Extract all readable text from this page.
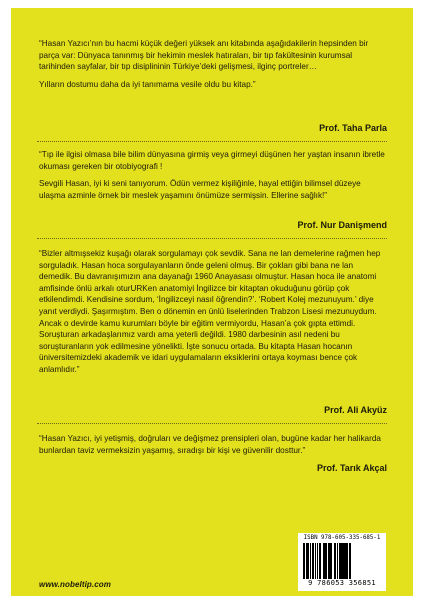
“Hasan Yazıcı’nın bu hacmi küçük değeri yüksek anı kitabında aşağıdakilerin hepsinden bir parça var: Dünyaca tanınmış bir hekimin meslek hatıraları, bir tıp fakültesinin kurumsal tarihinden sayfalar, bir tıp disiplininin Türkiye’deki gelişmesi, ilginç portreler…

Yılların dostumu daha da iyi tanımama vesile oldu bu kitap.”

Prof. Taha Parla

“Tıp ile ilgisi olmasa bile bilim dünyasına girmiş veya girmeyi düşünen her yaştan insanın ibretle okuması gereken bir otobiyografi !

Sevgili Hasan, iyi ki seni tanıyorum. Ödün vermez kişiliğinle, hayal ettiğin bilimsel düzeye ulaşma azminle örnek bir meslek yaşamını önümüze sermişsin. Ellerine sağlık!”

Prof. Nur Danişmend

“Bizler altmışsekiz kuşağı olarak sorgulamayı çok sevdik. Sana ne lan demelerine rağmen hep sorguladık. Hasan hoca sorgulayanların önde geleni olmuş. Bir çokları gibi bana ne lan demedik. Bu davranışımızın ana dayanağı 1960 Anayasası olmuştur. Hasan hoca ile anatomi amfisinde önlü arkalı oturURKen anatomiyi İngilizce bir kitaptan okuduğunu görüp çok etkilendimdi. Kendisine sordum, ‘İngilizceyi nasıl öğrendin?’. ‘Robert Kolej mezunuyum.’ diye yanıt verdiydi. Şaşırmıştım. Ben o dönemin en ünlü liselerinden Trabzon Lisesi mezunuydum. Ancak o devirde kamu kurumları böyle bir eğitim vermiyordu, Hasan’a çok gıpta ettimdi. Soruşturan arkadaşlarımız vardı ama yeterli değildi. 1980 darbesinin asıl nedeni bu soruşturanların yok edilmesine yönelikti. İşte sonucu ortada. Bu kitapta Hasan hocanın üniversitemizdeki akademik ve idari uygulamaların eksiklerini ortaya koyması bence çok anlamlıdır.”

Prof. Ali Akyüz

“Hasan Yazıcı, iyi yetişmiş, doğruları ve değişmez prensipleri olan, bugüne kadar her halikarda bunlardan taviz vermeksizin yaşamış, sıradışı bir kişi ve güvenilir dosttur.”

Prof. Tarık Akçal
www.nobeltip.com
ISBN 978-605-335-685-1
9 786053 356851
